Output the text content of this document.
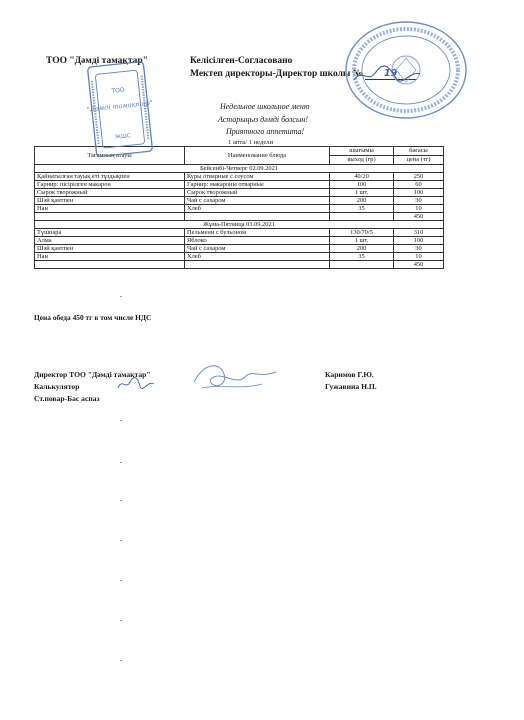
ТОО "Дәмді тамақтар"	Келісілген-Согласовано
Мектеп директоры-Директор школы № 19
Недельное школьное меню
Астарыңыз дәмді болсын!
Приятного аппетита!
1 апта/ 1 недели
Тағамның атауы	Наименование блюда	шығымы	бағасы
		выход (гр)	цена (тг)
Бейсенбі-Четверг 02.09.2021			
Қайнатылған тауық еті тұздықпен	Куры отварные с соусом	40/20	250
Гарнир: пісірілген макарон	Гарнир: макароны отварные	100	60
Сырок творожный	Сырок творожный	1 шт.	100
Шәй қантпен	Чай с сахаром	200	30
Нан	Хлеб	35	10
			450
Жұма-Пятница 03.09.2021			
Түшпара	Пельмени с бульоном	130/70/5	310
Алма	Яблоко	1 шт.	100
Шәй қантпен	Чай с сахаром	200	30
Нан	Хлеб	35	10
			450
Цена обеда 450 тг в том числе НДС
Директор ТОО "Дәмді тамақтар"	Каримов Г.Ю.
Калькулятор	Гужавина Н.П.
Ст.повар-Бас аспаз
ТОО
"Дәмді тамақтар"
ЖШС
